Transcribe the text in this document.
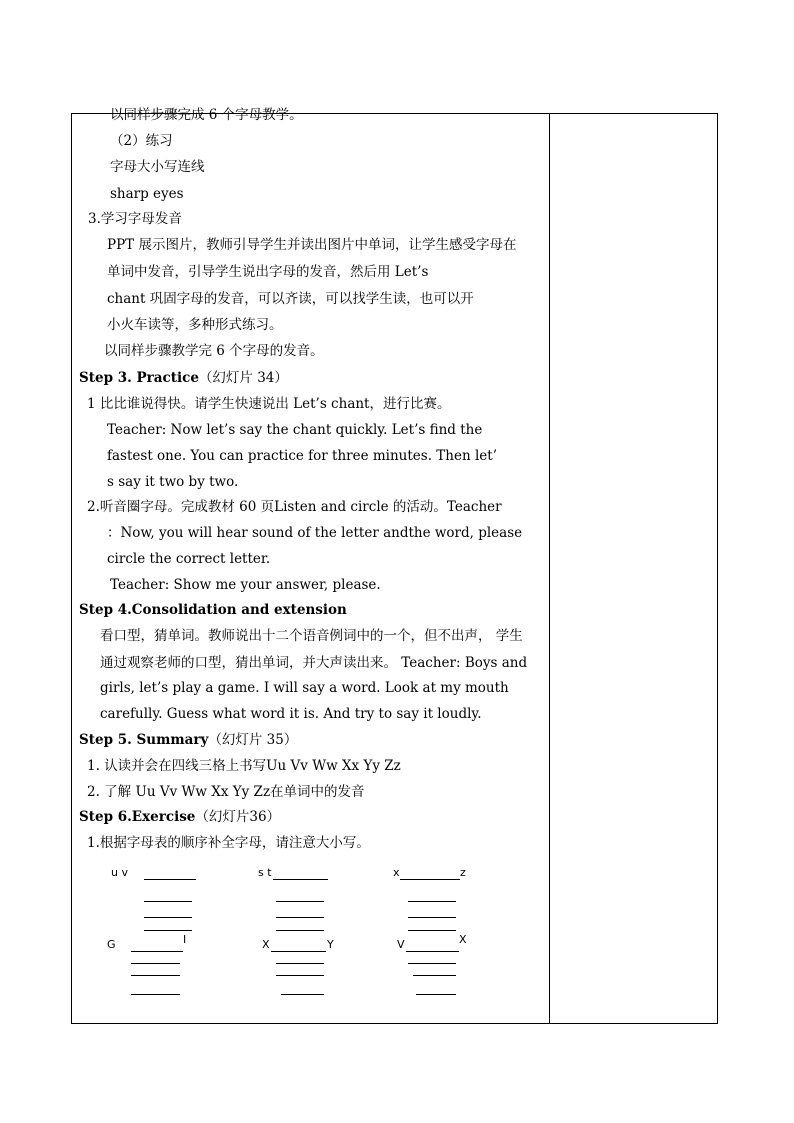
以同样步骤完成 6 个字母教学。
（2）练习
字母大小写连线
sharp eyes
3.学习字母发音
PPT 展示图片，教师引导学生并读出图片中单词，让学生感受字母在
单词中发音，引导学生说出字母的发音，然后用 Let’s
chant 巩固字母的发音，可以齐读，可以找学生读，也可以开
小火车读等，多种形式练习。
以同样步骤教学完 6 个字母的发音。
Step 3. Practice（幻灯片 34）
1 比比谁说得快。请学生快速说出 Let’s chant，进行比赛。
Teacher: Now let’s say the chant quickly. Let’s find the
fastest one. You can practice for three minutes. Then let’
s say it two by two.
2.听音圈字母。完成教材 60 页Listen and circle 的活动。Teacher
：Now, you will hear sound of the letter andthe word, please
circle the correct letter.
Teacher: Show me your answer, please.
Step 4.Consolidation and extension
看口型，猜单词。教师说出十二个语音例词中的一个，但不出声， 学生
通过观察老师的口型，猜出单词，并大声读出来。 Teacher: Boys and
girls, let’s play a game. I will say a word. Look at my mouth
carefully. Guess what word it is. And try to say it loudly.
Step 5. Summary（幻灯片 35）
1. 认读并会在四线三格上书写Uu Vv Ww Xx Yy Zz
2. 了解 Uu Vv Ww Xx Yy Zz在单词中的发音
Step 6.Exercise（幻灯片36）
1.根据字母表的顺序补全字母，请注意大小写。
u v	s t	x	z
G	I	X	Y	V	X
